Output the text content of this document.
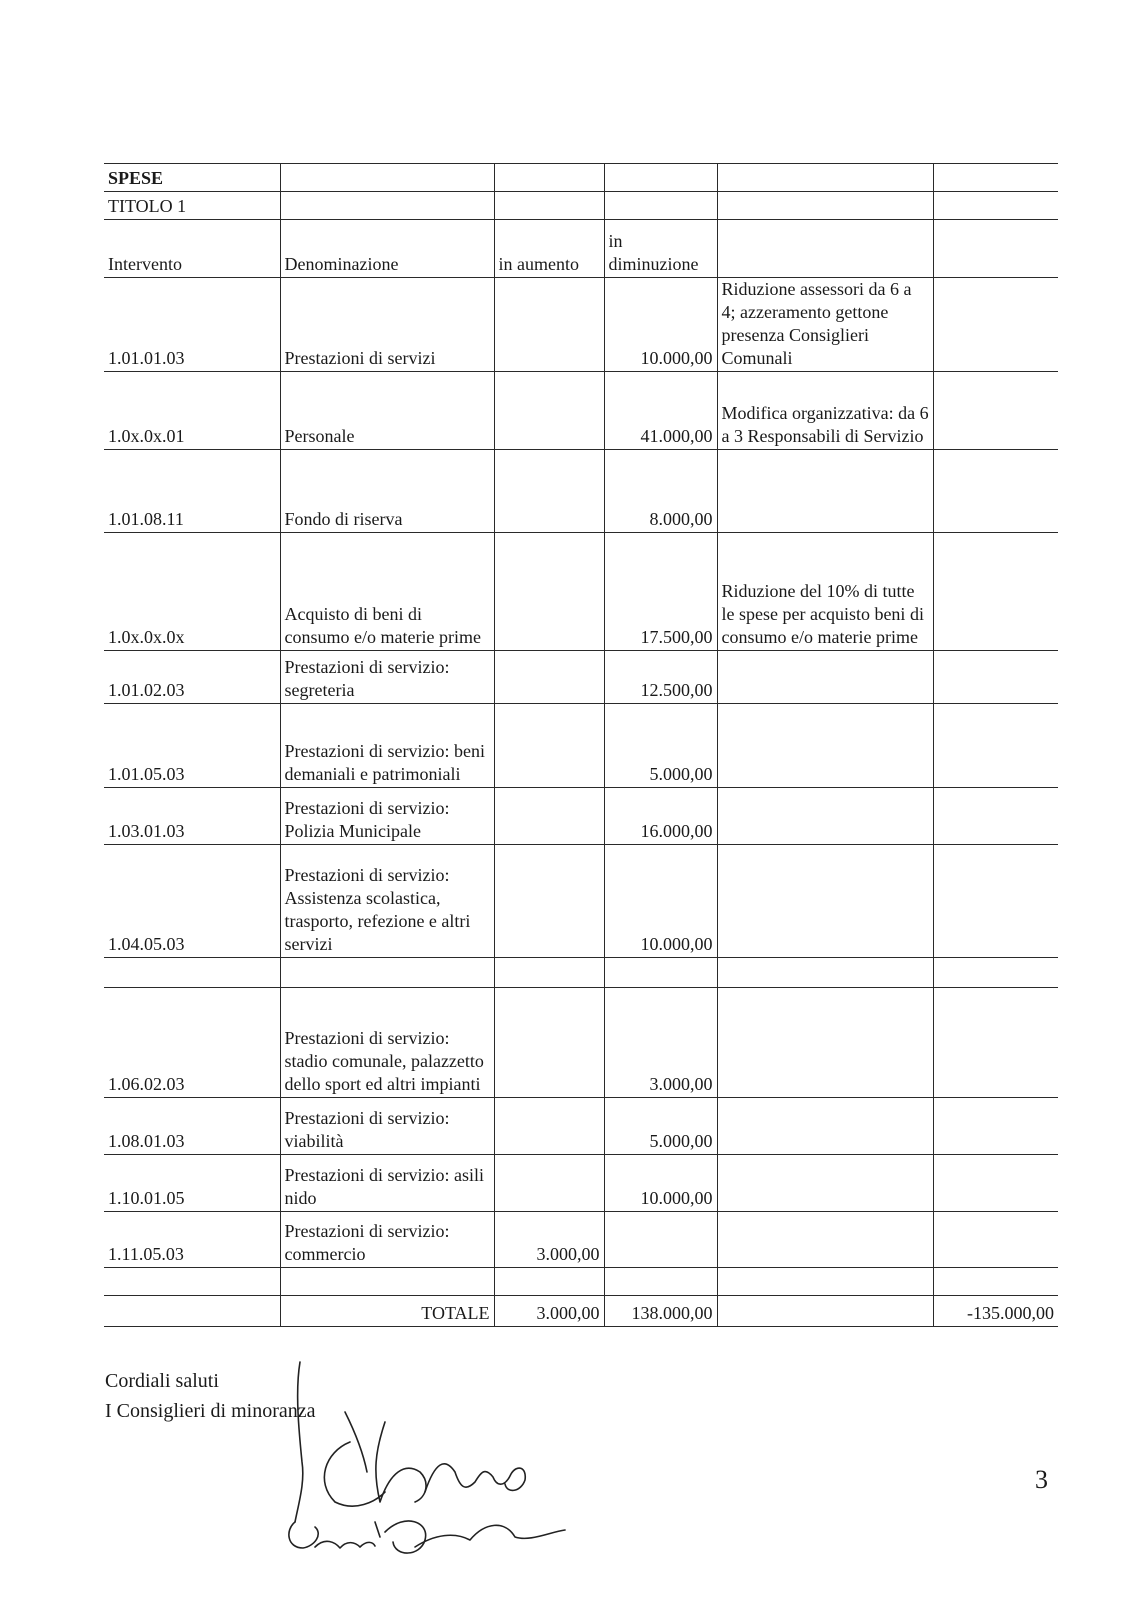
SPESE					
TITOLO 1					
Intervento	Denominazione	in aumento	in
diminuzione		

1.01.01.03	Prestazioni di servizi		10.000,00	Riduzione assessori da 6 a 4; azzeramento gettone presenza Consiglieri Comunali	
1.0x.0x.01	Personale		41.000,00	Modifica organizzativa: da 6 a 3 Responsabili di Servizio	
1.01.08.11	Fondo di riserva		8.000,00		
1.0x.0x.0x	Acquisto di beni di consumo e/o materie prime		17.500,00	Riduzione del 10% di tutte le spese per acquisto beni di consumo e/o materie prime	
1.01.02.03	Prestazioni di servizio: segreteria		12.500,00		
1.01.05.03	Prestazioni di servizio: beni demaniali e patrimoniali		5.000,00		
1.03.01.03	Prestazioni di servizio: Polizia Municipale		16.000,00		
1.04.05.03	Prestazioni di servizio: Assistenza scolastica, trasporto, refezione e altri servizi		10.000,00		

1.06.02.03	Prestazioni di servizio: stadio comunale, palazzetto dello sport ed altri impianti		3.000,00		
1.08.01.03	Prestazioni di servizio: viabilità		5.000,00		
1.10.01.05	Prestazioni di servizio: asili nido		10.000,00		
1.11.05.03	Prestazioni di servizio: commercio	3.000,00			

	TOTALE	3.000,00	138.000,00		-135.000,00
Cordiali saluti
I Consiglieri di minoranza
3
